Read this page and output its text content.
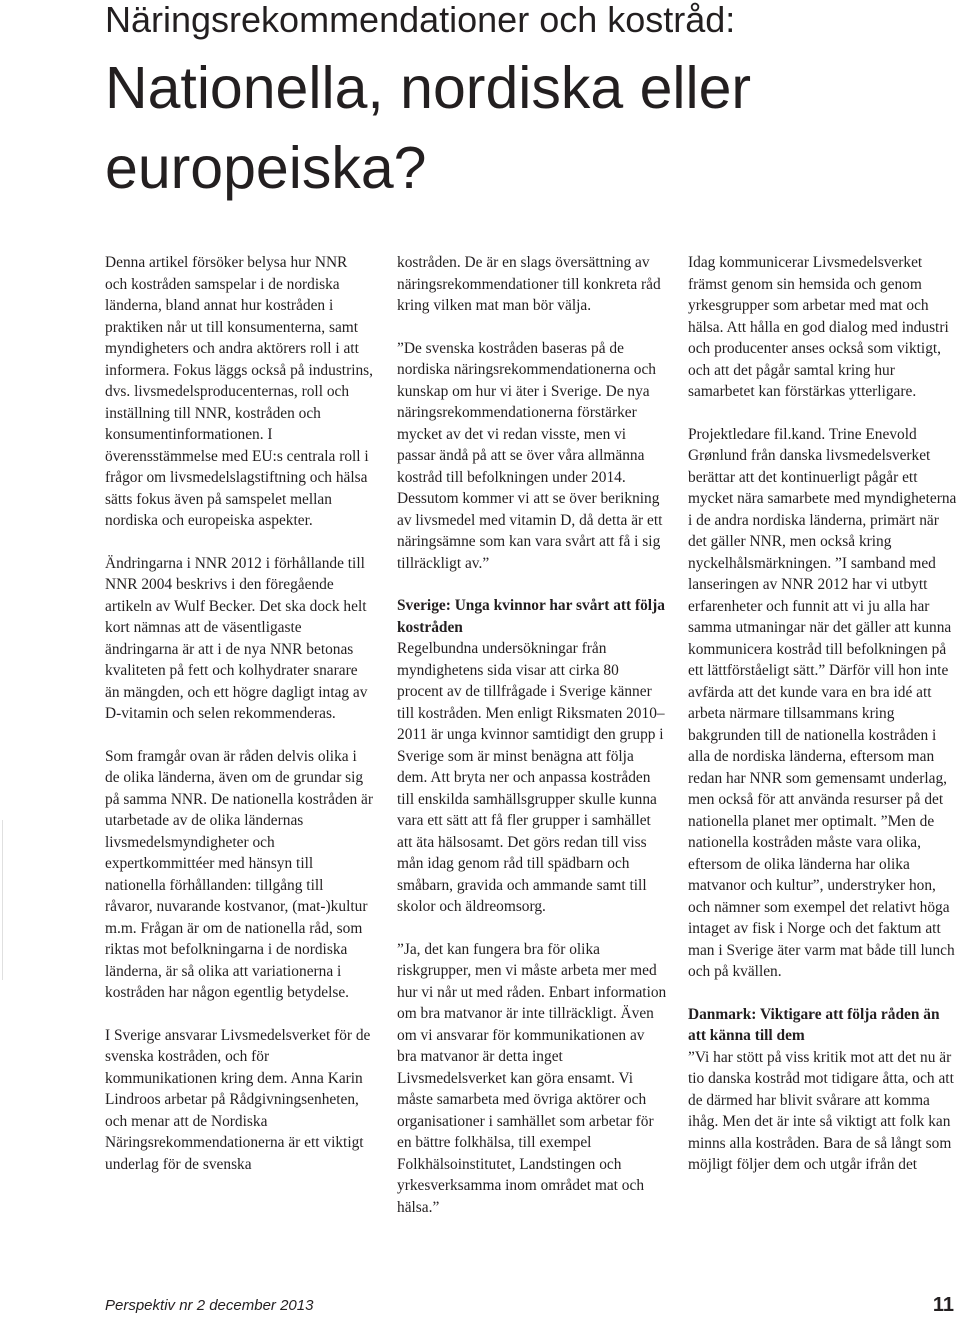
Näringsrekommendationer och kostråd:
Nationella, nordiska eller europeiska?

Denna artikel försöker belysa hur NNR och kostråden samspelar i de nordiska länderna, bland annat hur kostråden i praktiken når ut till konsumenterna, samt myndigheters och andra aktörers roll i att informera. Fokus läggs också på industrins, dvs. livsmedelsproducenternas, roll och inställning till NNR, kostråden och konsumentinformationen. I överensstämmelse med EU:s centrala roll i frågor om livsmedelslagstiftning och hälsa sätts fokus även på samspelet mellan nordiska och europeiska aspekter.

Ändringarna i NNR 2012 i förhållande till NNR 2004 beskrivs i den föregående artikeln av Wulf Becker. Det ska dock helt kort nämnas att de väsentligaste ändringarna är att i de nya NNR betonas kvaliteten på fett och kolhydrater snarare än mängden, och ett högre dagligt intag av D-vitamin och selen rekommenderas.

Som framgår ovan är råden delvis olika i de olika länderna, även om de grundar sig på samma NNR. De nationella kostråden är utarbetade av de olika ländernas livsmedelsmyndigheter och expertkommittéer med hänsyn till nationella förhållanden: tillgång till råvaror, nuvarande kostvanor, (mat-)kultur m.m. Frågan är om de nationella råd, som riktas mot befolkningarna i de nordiska länderna, är så olika att variationerna i kostråden har någon egentlig betydelse.

I Sverige ansvarar Livsmedelsverket för de svenska kostråden, och för kommunikationen kring dem. Anna Karin Lindroos arbetar på Rådgivningsenheten, och menar att de Nordiska Näringsrekommendationerna är ett viktigt underlag för de svenska

kostråden. De är en slags översättning av näringsrekommendationer till konkreta råd kring vilken mat man bör välja.

”De svenska kostråden baseras på de nordiska näringsrekommendationerna och kunskap om hur vi äter i Sverige. De nya näringsrekommendationerna förstärker mycket av det vi redan visste, men vi passar ändå på att se över våra allmänna kostråd till befolkningen under 2014. Dessutom kommer vi att se över berikning av livsmedel med vitamin D, då detta är ett näringsämne som kan vara svårt att få i sig tillräckligt av.”

Sverige: Unga kvinnor har svårt att följa kostråden

Regelbundna undersökningar från myndighetens sida visar att cirka 80 procent av de tillfrågade i Sverige känner till kostråden. Men enligt Riksmaten 2010–2011 är unga kvinnor samtidigt den grupp i Sverige som är minst benägna att följa dem. Att bryta ner och anpassa kostråden till enskilda samhällsgrupper skulle kunna vara ett sätt att få fler grupper i samhället att äta hälsosamt. Det görs redan till viss mån idag genom råd till spädbarn och småbarn, gravida och ammande samt till skolor och äldreomsorg.

”Ja, det kan fungera bra för olika riskgrupper, men vi måste arbeta mer med hur vi når ut med råden. Enbart information om bra matvanor är inte tillräckligt. Även om vi ansvarar för kommunikationen av bra matvanor är detta inget Livsmedelsverket kan göra ensamt. Vi måste samarbeta med övriga aktörer och organisationer i samhället som arbetar för en bättre folkhälsa, till exempel Folkhälsoinstitutet, Landstingen och yrkesverksamma inom området mat och hälsa.”

Idag kommunicerar Livsmedelsverket främst genom sin hemsida och genom yrkesgrupper som arbetar med mat och hälsa. Att hålla en god dialog med industri och producenter anses också som viktigt, och att det pågår samtal kring hur samarbetet kan förstärkas ytterligare.

Projektledare fil.kand. Trine Enevold Grønlund från danska livsmedelsverket berättar att det kontinuerligt pågår ett mycket nära samarbete med myndigheterna i de andra nordiska länderna, primärt när det gäller NNR, men också kring nyckelhålsmärkningen. ”I samband med lanseringen av NNR 2012 har vi utbytt erfarenheter och funnit att vi ju alla har samma utmaningar när det gäller att kunna kommunicera kostråd till befolkningen på ett lättförståeligt sätt.” Därför vill hon inte avfärda att det kunde vara en bra idé att arbeta närmare tillsammans kring bakgrunden till de nationella kostråden i alla de nordiska länderna, eftersom man redan har NNR som gemensamt underlag, men också för att använda resurser på det nationella planet mer optimalt. ”Men de nationella kostråden måste vara olika, eftersom de olika länderna har olika matvanor och kultur”, understryker hon, och nämner som exempel det relativt höga intaget av fisk i Norge och det faktum att man i Sverige äter varm mat både till lunch och på kvällen.

Danmark: Viktigare att följa råden än att känna till dem

”Vi har stött på viss kritik mot att det nu är tio danska kostråd mot tidigare åtta, och att de därmed har blivit svårare att komma ihåg. Men det är inte så viktigt att folk kan minns alla kostråden. Bara de så långt som möjligt följer dem och utgår ifrån det

Perspektiv nr 2 december 2013	11
